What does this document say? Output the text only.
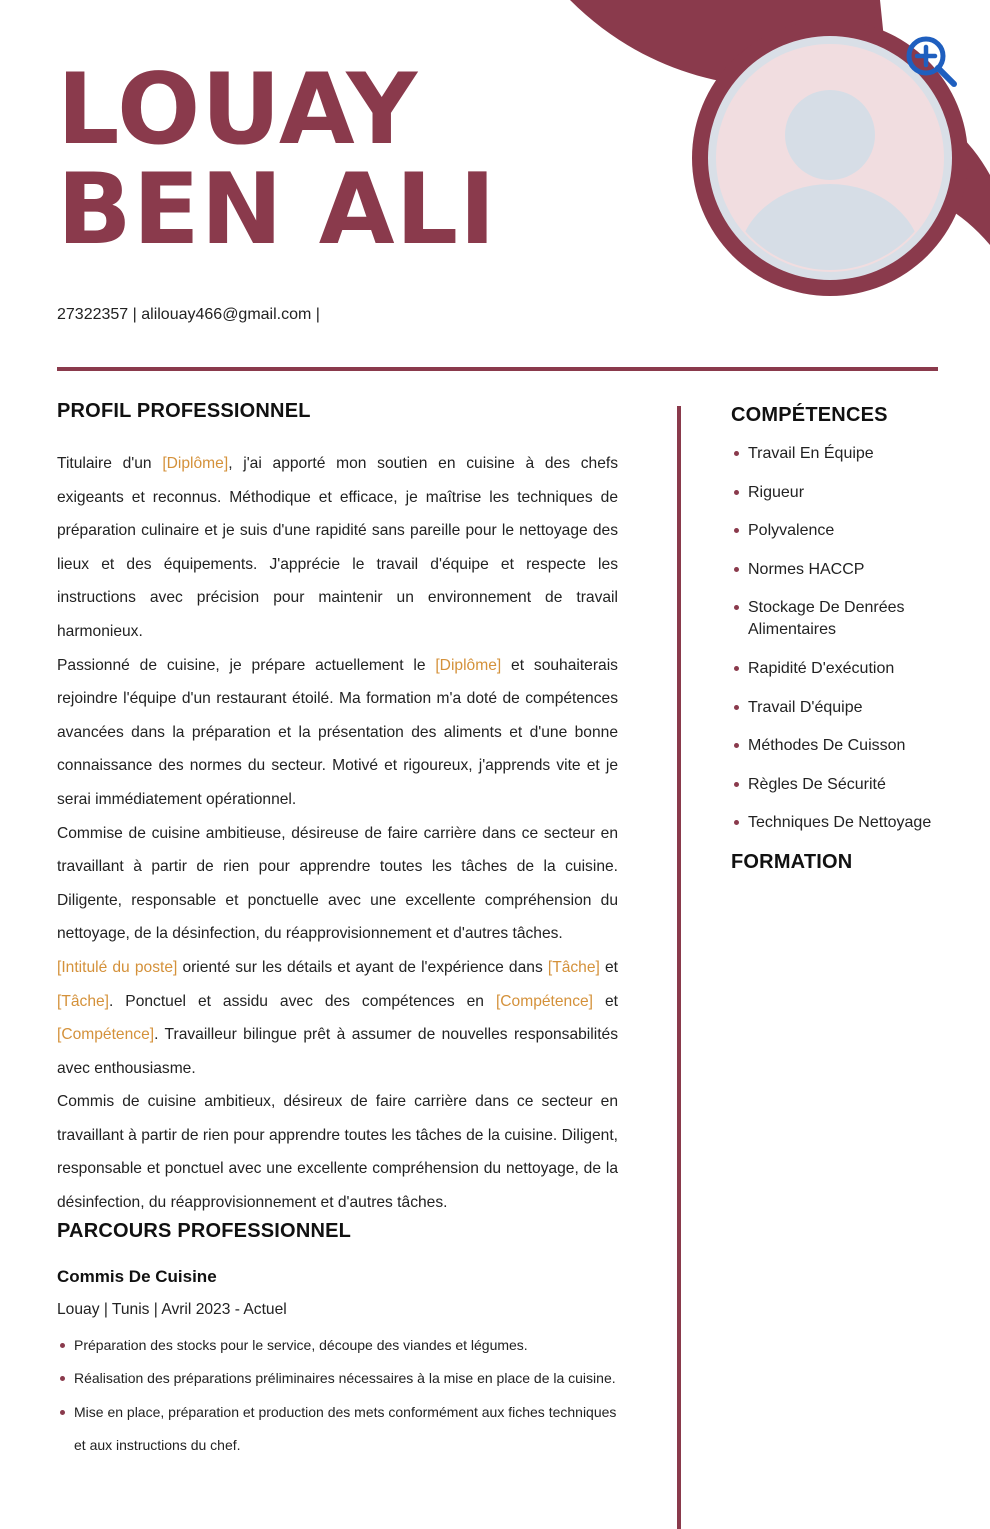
LOUAY
BEN ALI
27322357 | alilouay466@gmail.com |
PROFIL PROFESSIONNEL

Titulaire d'un [Diplôme], j'ai apporté mon soutien en cuisine à des chefs exigeants et reconnus. Méthodique et efficace, je maîtrise les techniques de préparation culinaire et je suis d'une rapidité sans pareille pour le nettoyage des lieux et des équipements. J'apprécie le travail d'équipe et respecte les instructions avec précision pour maintenir un environnement de travail harmonieux.

Passionné de cuisine, je prépare actuellement le [Diplôme] et souhaiterais rejoindre l'équipe d'un restaurant étoilé. Ma formation m'a doté de compétences avancées dans la préparation et la présentation des aliments et d'une bonne connaissance des normes du secteur. Motivé et rigoureux, j'apprends vite et je serai immédiatement opérationnel.

Commise de cuisine ambitieuse, désireuse de faire carrière dans ce secteur en travaillant à partir de rien pour apprendre toutes les tâches de la cuisine. Diligente, responsable et ponctuelle avec une excellente compréhension du nettoyage, de la désinfection, du réapprovisionnement et d'autres tâches.

[Intitulé du poste] orienté sur les détails et ayant de l'expérience dans [Tâche] et [Tâche]. Ponctuel et assidu avec des compétences en [Compétence] et [Compétence]. Travailleur bilingue prêt à assumer de nouvelles responsabilités avec enthousiasme.

Commis de cuisine ambitieux, désireux de faire carrière dans ce secteur en travaillant à partir de rien pour apprendre toutes les tâches de la cuisine. Diligent, responsable et ponctuel avec une excellente compréhension du nettoyage, de la désinfection, du réapprovisionnement et d'autres tâches.

PARCOURS PROFESSIONNEL
Commis De Cuisine
Louay | Tunis | Avril 2023 - Actuel
Préparation des stocks pour le service, découpe des viandes et légumes.
Réalisation des préparations préliminaires nécessaires à la mise en place de la cuisine.
Mise en place, préparation et production des mets conformément aux fiches techniques et aux instructions du chef.
COMPÉTENCES
Travail En Équipe
Rigueur
Polyvalence
Normes HACCP
Stockage De Denrées Alimentaires
Rapidité D'exécution
Travail D'équipe
Méthodes De Cuisson
Règles De Sécurité
Techniques De Nettoyage
FORMATION
